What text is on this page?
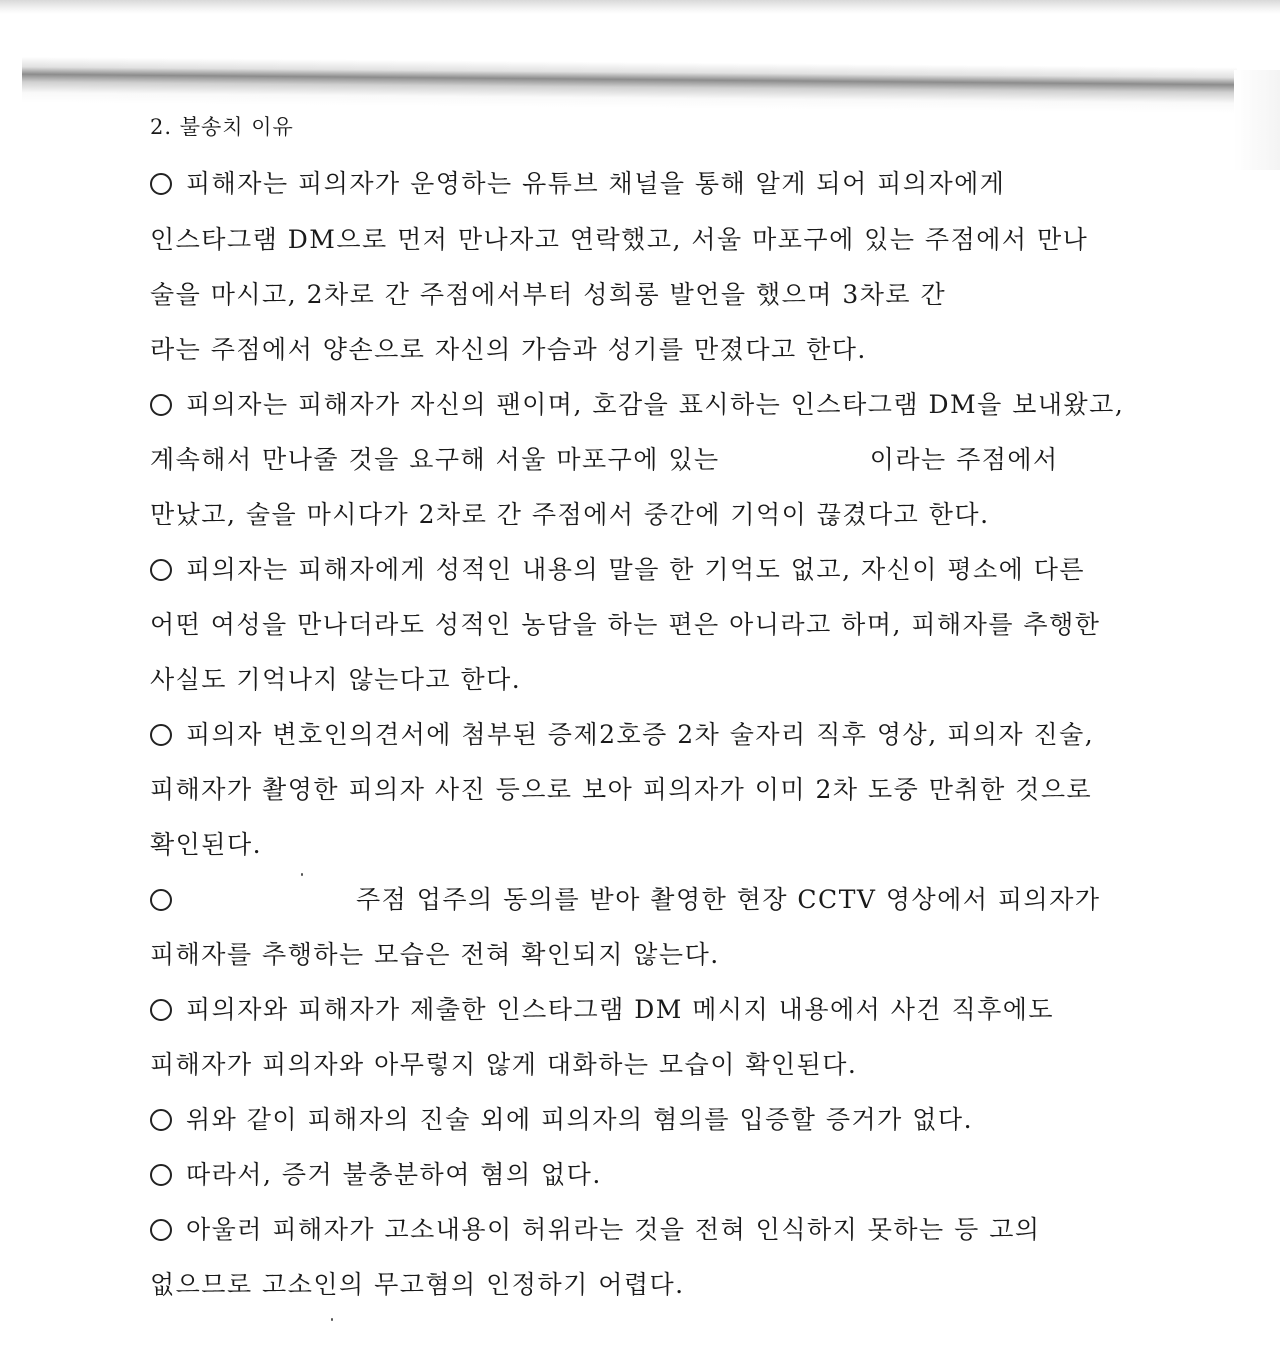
2. 불송치 이유
피해자는 피의자가 운영하는 유튜브 채널을 통해 알게 되어 피의자에게
인스타그램 DM으로 먼저 만나자고 연락했고, 서울 마포구에 있는 주점에서 만나
술을 마시고, 2차로 간 주점에서부터 성희롱 발언을 했으며 3차로 간
라는 주점에서 양손으로 자신의 가슴과 성기를 만졌다고 한다.
피의자는 피해자가 자신의 팬이며, 호감을 표시하는 인스타그램 DM을 보내왔고,
계속해서 만나줄 것을 요구해 서울 마포구에 있는	이라는 주점에서
만났고, 술을 마시다가 2차로 간 주점에서 중간에 기억이 끊겼다고 한다.
피의자는 피해자에게 성적인 내용의 말을 한 기억도 없고, 자신이 평소에 다른
어떤 여성을 만나더라도 성적인 농담을 하는 편은 아니라고 하며, 피해자를 추행한
사실도 기억나지 않는다고 한다.
피의자 변호인의견서에 첨부된 증제2호증 2차 술자리 직후 영상, 피의자 진술,
피해자가 촬영한 피의자 사진 등으로 보아 피의자가 이미 2차 도중 만취한 것으로
확인된다.
주점 업주의 동의를 받아 촬영한 현장 CCTV 영상에서 피의자가
피해자를 추행하는 모습은 전혀 확인되지 않는다.
피의자와 피해자가 제출한 인스타그램 DM 메시지 내용에서 사건 직후에도
피해자가 피의자와 아무렇지 않게 대화하는 모습이 확인된다.
위와 같이 피해자의 진술 외에 피의자의 혐의를 입증할 증거가 없다.
따라서, 증거 불충분하여 혐의 없다.
아울러 피해자가 고소내용이 허위라는 것을 전혀 인식하지 못하는 등 고의
없으므로 고소인의 무고혐의 인정하기 어렵다.
